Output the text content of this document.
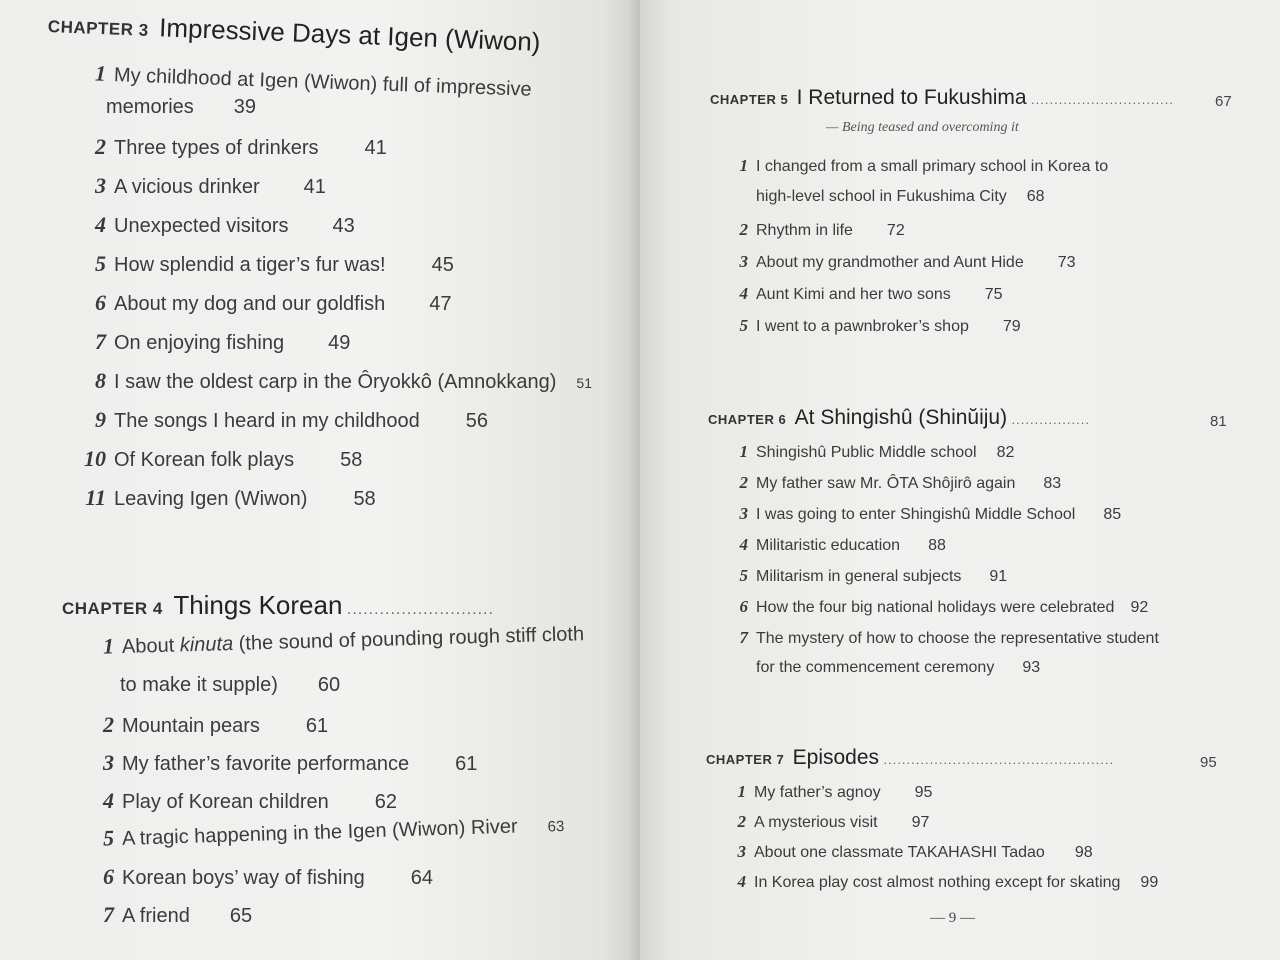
CHAPTER 3 Impressive Days at Igen (Wiwon)
1 My childhood at Igen (Wiwon) full of impressive
memories 39
2 Three types of drinkers 41
3 A vicious drinker 41
4 Unexpected visitors 43
5 How splendid a tiger’s fur was! 45
6 About my dog and our goldfish 47
7 On enjoying fishing 49
8 I saw the oldest carp in the Ôryokkô (Amnokkang) 51
9 The songs I heard in my childhood 56
10 Of Korean folk plays 58
11 Leaving Igen (Wiwon) 58
CHAPTER 4 Things Korean ...........................
1 About kinuta (the sound of pounding rough stiff cloth
to make it supple) 60
2 Mountain pears 61
3 My father’s favorite performance 61
4 Play of Korean children 62
5 A tragic happening in the Igen (Wiwon) River 63
6 Korean boys’ way of fishing 64
7 A friend 65
CHAPTER 5 I Returned to Fukushima ...............................	67
— Being teased and overcoming it
1 I changed from a small primary school in Korea to
high-level school in Fukushima City 68
2 Rhythm in life 72
3 About my grandmother and Aunt Hide 73
4 Aunt Kimi and her two sons 75
5 I went to a pawnbroker’s shop 79
CHAPTER 6 At Shingishû (Shinŭiju) .................	81
1 Shingishû Public Middle school 82
2 My father saw Mr. ÔTA Shôjirô again 83
3 I was going to enter Shingishû Middle School 85
4 Militaristic education 88
5 Militarism in general subjects 91
6 How the four big national holidays were celebrated 92
7 The mystery of how to choose the representative student
for the commencement ceremony 93
CHAPTER 7 Episodes ..................................................	95
1 My father’s agnoy 95
2 A mysterious visit 97
3 About one classmate TAKAHASHI Tadao 98
4 In Korea play cost almost nothing except for skating 99
— 9 —
